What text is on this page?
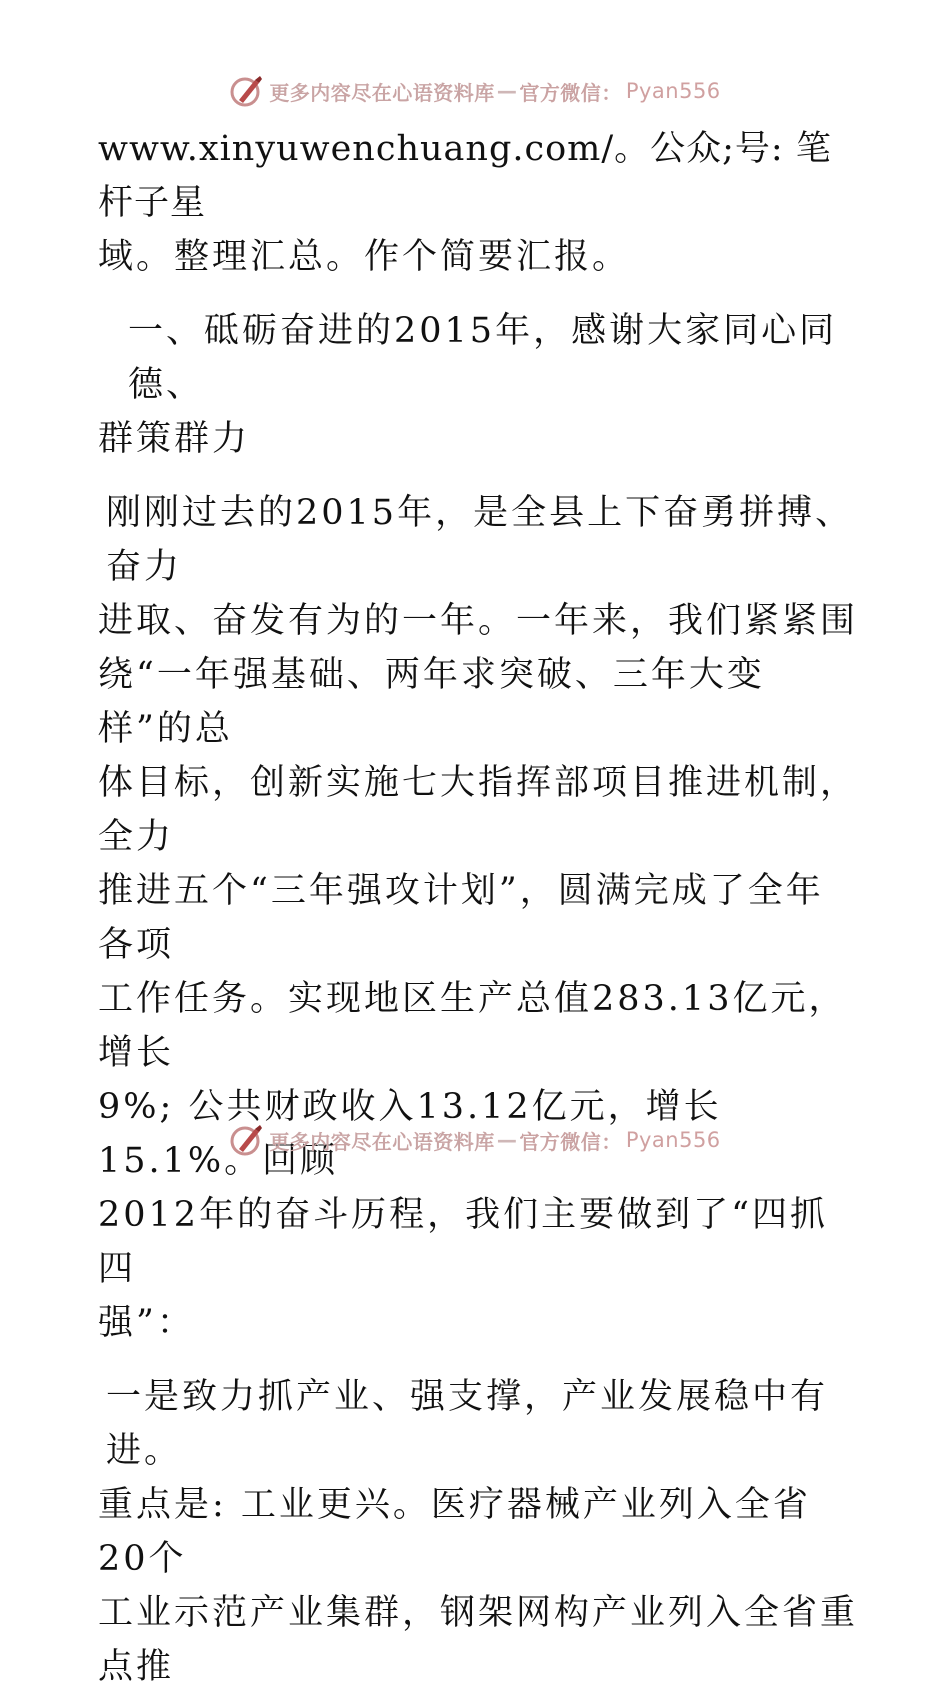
更多内容尽在心语资料库 — 官方微信 ： Pyan556

www.xinyuwenchuang.com/。公众;号: 笔杆子星
域。整理汇总。作个简要汇报。

一、砥砺奋进的2015年，感谢大家同心同德、

群策群力

刚刚过去的2015年，是全县上下奋勇拼搏、奋力

进取、奋发有为的一年。一年来，我们紧紧围
绕“一年强基础、两年求突破、三年大变样”的总
体目标，创新实施七大指挥部项目推进机制，全力
推进五个“三年强攻计划”，圆满完成了全年各项
工作任务。实现地区生产总值283.13亿元，增长
9%; 公共财政收入13.12亿元，增长15.1%。回顾
2012年的奋斗历程，我们主要做到了“四抓四
强”：

一是致力抓产业、强支撑，产业发展稳中有进。

重点是: 工业更兴。医疗器械产业列入全省20个
工业示范产业集群，钢架网构产业列入全省重点推

更多内容尽在心语资料库 — 官方微信 ： Pyan556
